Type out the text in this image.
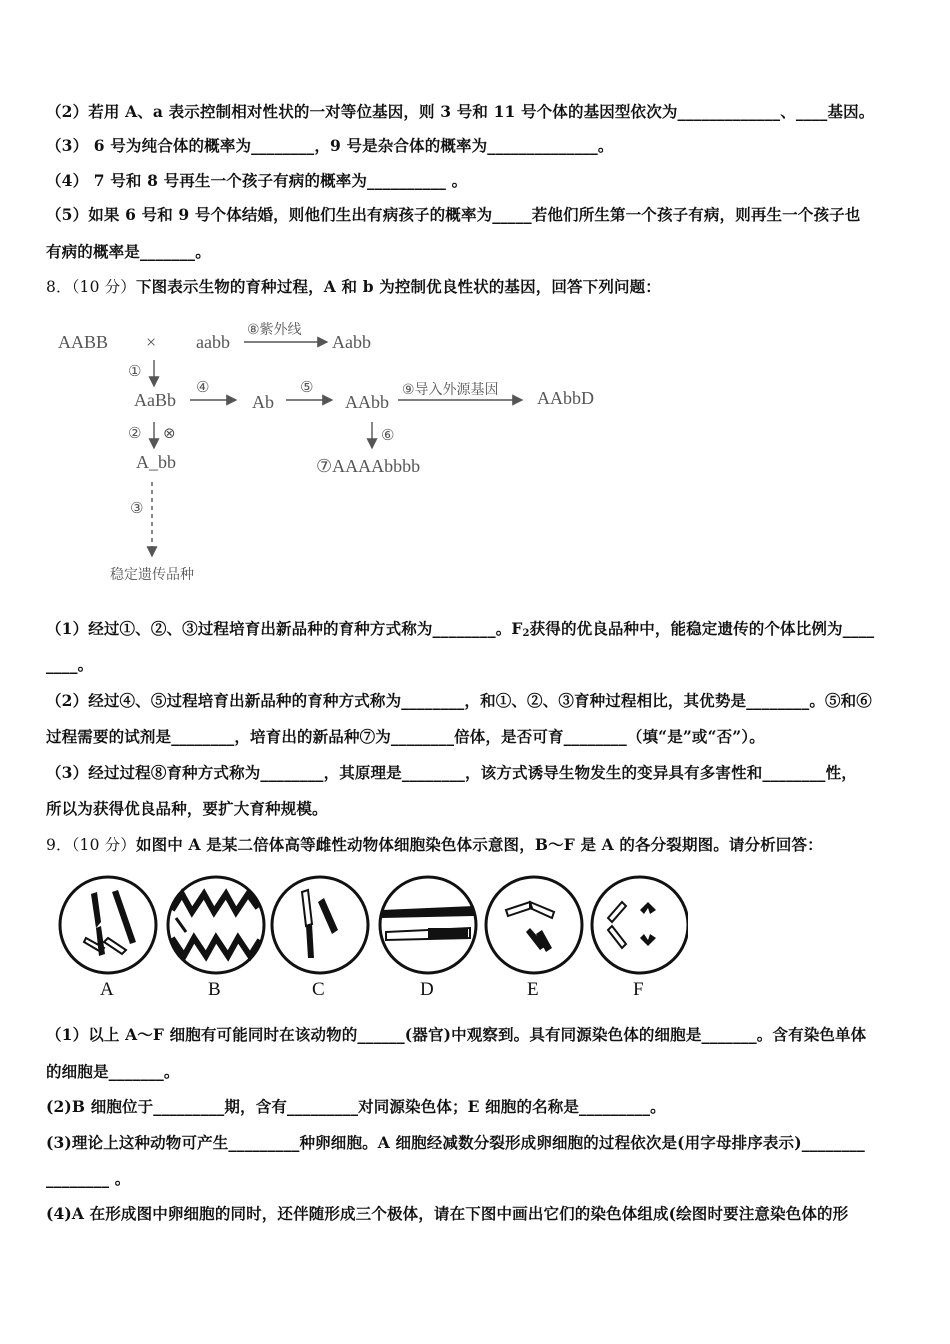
（2）若用 A、a 表示控制相对性状的一对等位基因，则 3 号和 11 号个体的基因型依次为_____________、____基因。
（3） 6 号为纯合体的概率为________，9 号是杂合体的概率为______________。
（4） 7 号和 8 号再生一个孩子有病的概率为__________ 。
（5）如果 6 号和 9 号个体结婚，则他们生出有病孩子的概率为_____若他们所生第一个孩子有病，则再生一个孩子也
有病的概率是_______。
8．（10 分）下图表示生物的育种过程，A 和 b 为控制优良性状的基因，回答下列问题：
AABB × aabb
⑧紫外线
Aabb
①
AaBb
④
Ab
⑤
AAbb
⑨导入外源基因 AAbbD
② ⊗	⑥
A_bb	⑦AAAAbbbb
③
稳定遗传品种
（1）经过①、②、③过程培育出新品种的育种方式称为________。$F_2$获得的优良品种中，能稳定遗传的个体比例为____
____。
（2）经过④、⑤过程培育出新品种的育种方式称为________，和①、②、③育种过程相比，其优势是________。⑤和⑥
过程需要的试剂是________，培育出的新品种⑦为________倍体，是否可育________（填“是”或“否”）。
（3）经过过程⑧育种方式称为________，其原理是________，该方式诱导生物发生的变异具有多害性和________性，
所以为获得优良品种，要扩大育种规模。
9．（10 分）如图中 A 是某二倍体高等雌性动物体细胞染色体示意图，B～F 是 A 的各分裂期图。请分析回答：
A	B	C	D	E	F
（1）以上 A～F 细胞有可能同时在该动物的______(器官)中观察到。具有同源染色体的细胞是_______。含有染色单体
的细胞是_______。
(2)B 细胞位于_________期，含有_________对同源染色体；E 细胞的名称是_________。
(3)理论上这种动物可产生_________种卵细胞。A 细胞经减数分裂形成卵细胞的过程依次是(用字母排序表示)________
________ 。
(4)A 在形成图中卵细胞的同时，还伴随形成三个极体，请在下图中画出它们的染色体组成(绘图时要注意染色体的形
